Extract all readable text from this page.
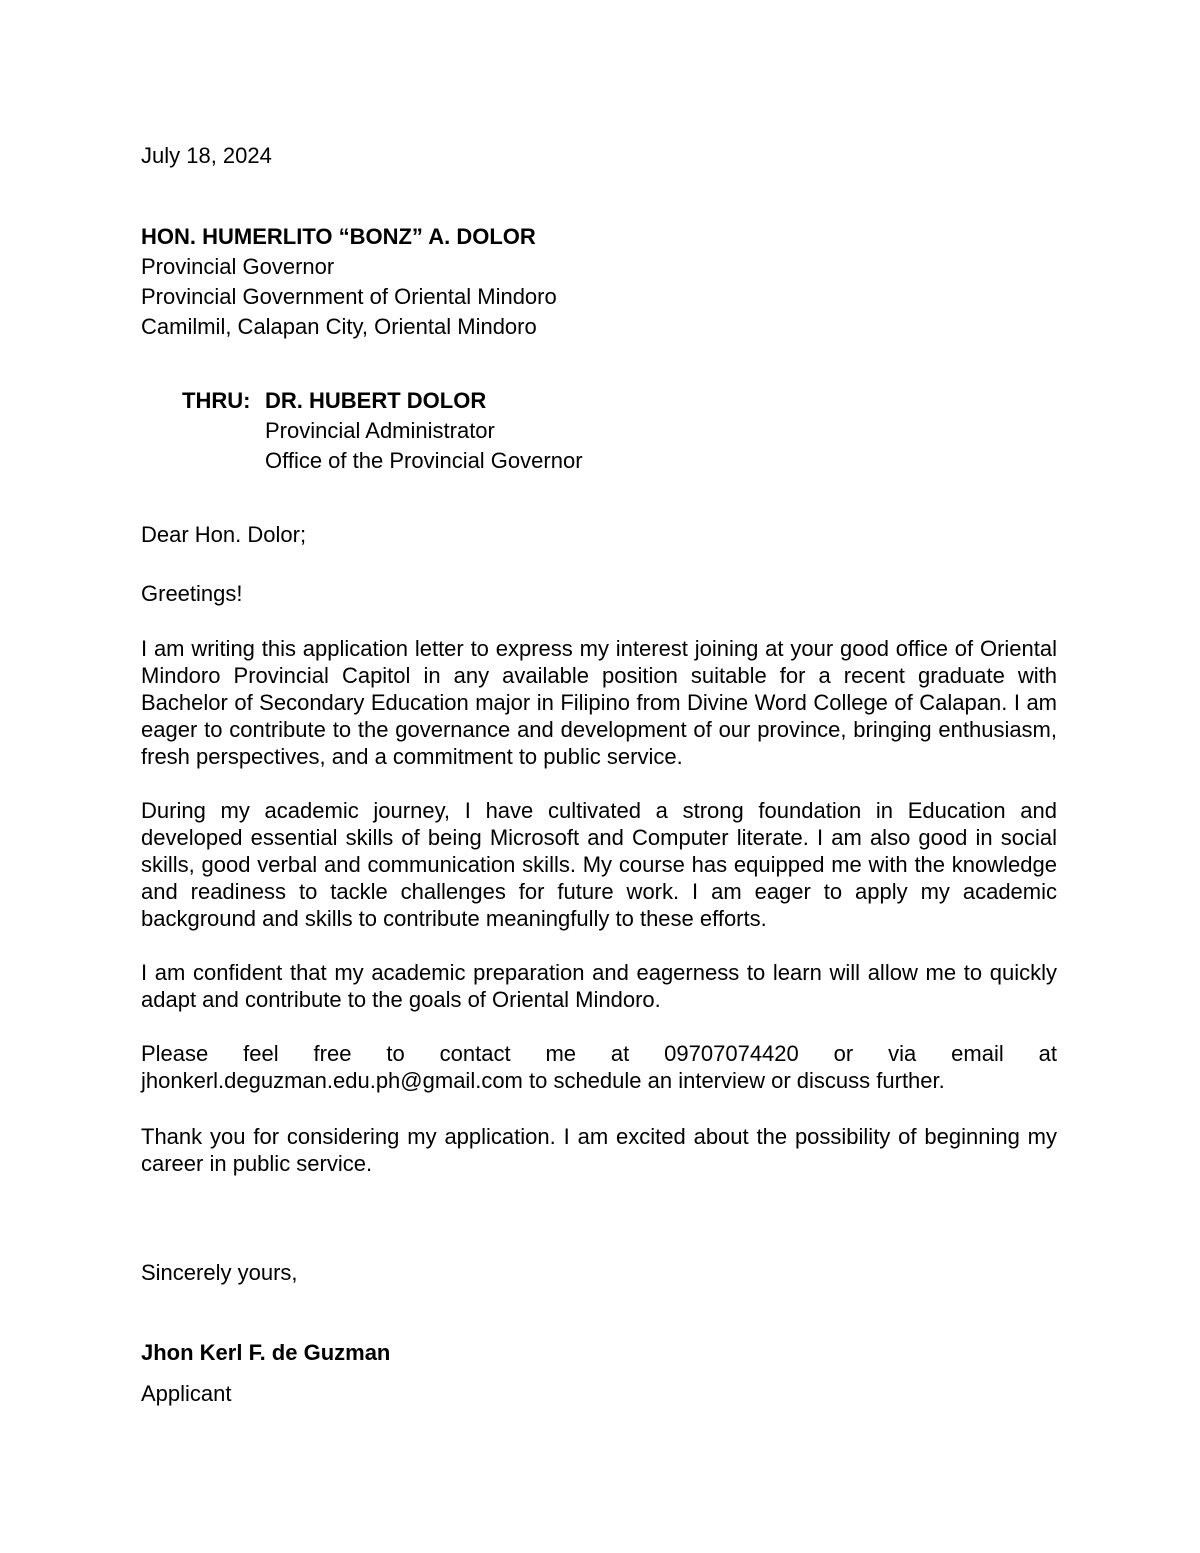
July 18, 2024

HON. HUMERLITO “BONZ” A. DOLOR
Provincial Governor
Provincial Government of Oriental Mindoro
Camilmil, Calapan City, Oriental Mindoro
THRU: DR. HUBERT DOLOR
Provincial Administrator
Office of the Provincial Governor

Dear Hon. Dolor;

Greetings!

I am writing this application letter to express my interest joining at your good office of Oriental Mindoro Provincial Capitol in any available position suitable for a recent graduate with Bachelor of Secondary Education major in Filipino from Divine Word College of Calapan. I am eager to contribute to the governance and development of our province, bringing enthusiasm, fresh perspectives, and a commitment to public service.

During my academic journey, I have cultivated a strong foundation in Education and developed essential skills of being Microsoft and Computer literate. I am also good in social skills, good verbal and communication skills. My course has equipped me with the knowledge and readiness to tackle challenges for future work. I am eager to apply my academic background and skills to contribute meaningfully to these efforts.

I am confident that my academic preparation and eagerness to learn will allow me to quickly adapt and contribute to the goals of Oriental Mindoro.

Please feel free to contact me at 09707074420 or via email at
jhonkerl.deguzman.edu.ph@gmail.com to schedule an interview or discuss further.

Thank you for considering my application. I am excited about the possibility of beginning my career in public service.

Sincerely yours,

Jhon Kerl F. de Guzman

Applicant
